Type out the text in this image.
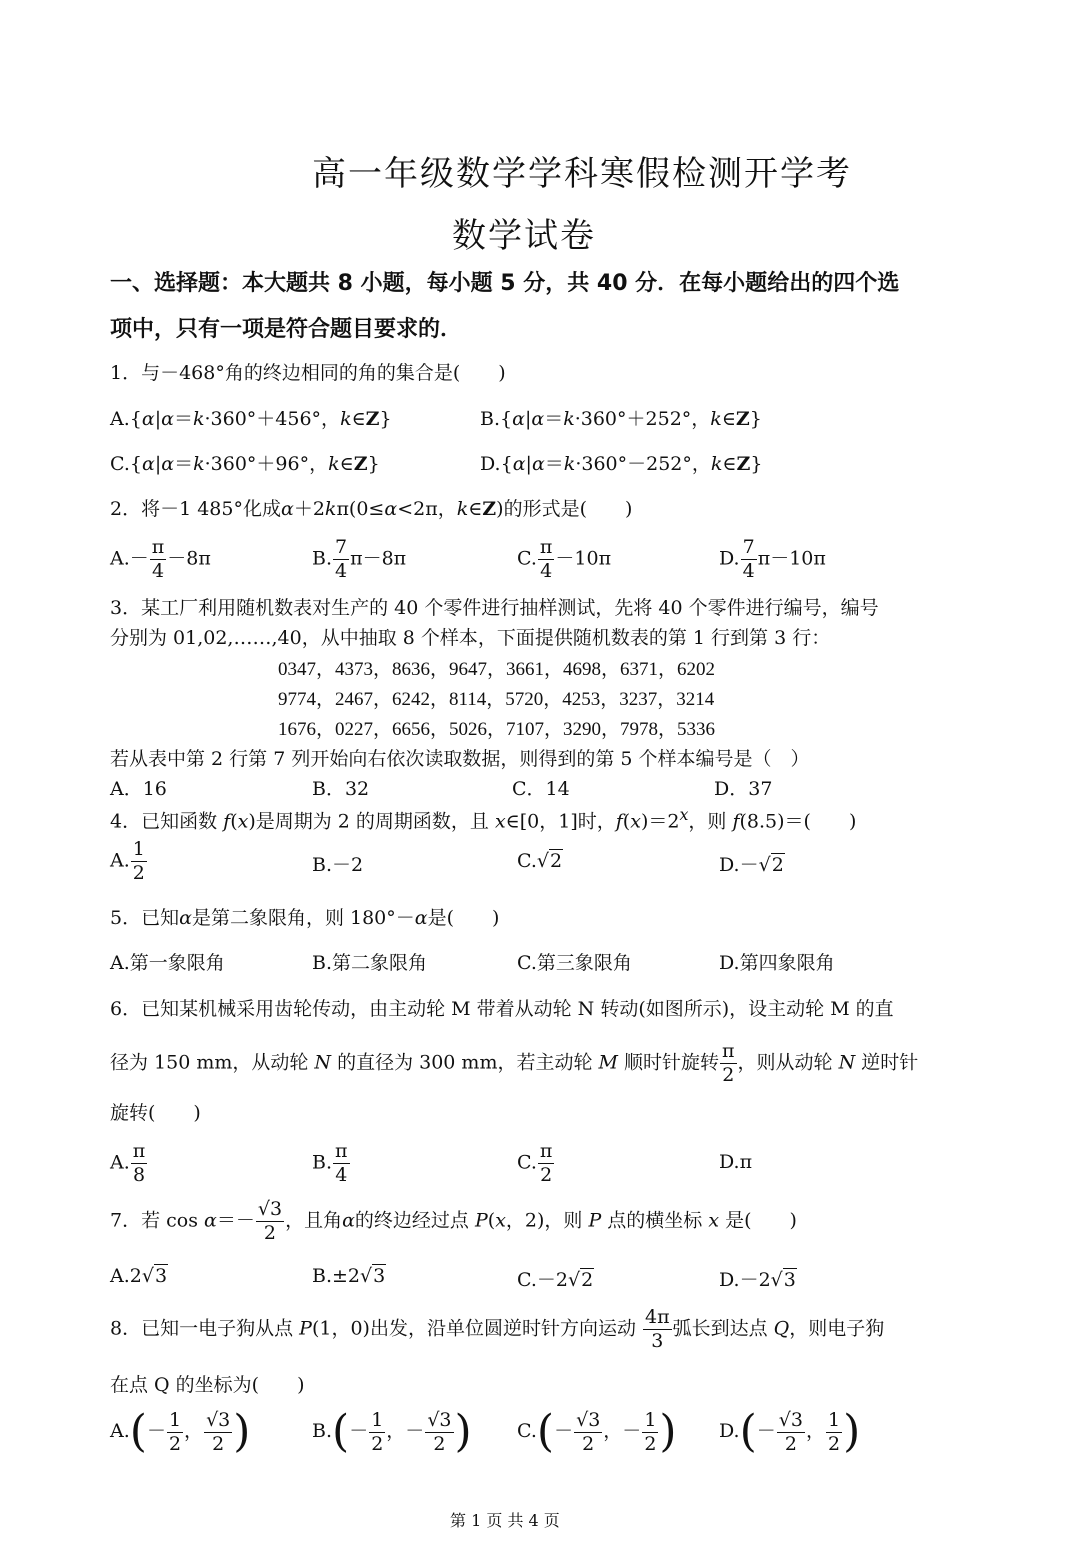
高一年级数学学科寒假检测开学考
数学试卷
一、选择题：本大题共 8 小题，每小题 5 分，共 40 分．在每小题给出的四个选
项中，只有一项是符合题目要求的．
1．与－468°角的终边相同的角的集合是(　　)
A.{α|α＝k·360°＋456°，k∈Z}	B.{α|α＝k·360°＋252°，k∈Z}
C.{α|α＝k·360°＋96°，k∈Z}	D.{α|α＝k·360°－252°，k∈Z}
2．将－1 485°化成α＋2kπ(0≤α<2π，k∈Z)的形式是(　　)
$A.- \frac{\pi}{4} -8\pi$	B. $\frac{7}{4} \pi-8\pi$	C. $\frac{\pi}{4} -10\pi$	D. $\frac{7}{4} \pi-10\pi$
3．某工厂利用随机数表对生产的 40 个零件进行抽样测试，先将 40 个零件进行编号，编号
分别为 01,02,……,40，从中抽取 8 个样本，下面提供随机数表的第 1 行到第 3 行：
0347，4373，8636，9647，3661，4698，6371，6202
9774，2467，6242，8114，5720，4253，3237，3214
1676，0227，6656，5026，7107，3290，7978，5336
若从表中第 2 行第 7 列开始向右依次读取数据，则得到的第 5 个样本编号是（　）
A．16	B．32	C．14	D．37
4．已知函数 f(x)是周期为 2 的周期函数，且 x∈[0，1]时，$f(x)=2^x$，则 f(8.5)＝(　　)
A. $\frac{1}{2}$	B.－2	C.√2	D.－√2
5．已知α是第二象限角，则 180°－α是(　　)
A.第一象限角	B.第二象限角	C.第三象限角	D.第四象限角
6．已知某机械采用齿轮传动，由主动轮 M 带着从动轮 N 转动(如图所示)，设主动轮 M 的直
径为 150 mm，从动轮 N 的直径为 300 mm，若主动轮 M 顺时针旋转 $\frac{\pi}{2}$ ，则从动轮 N 逆时针
旋转(　　)
A. $\frac{\pi}{8}$	B. $\frac{\pi}{4}$	C. $\frac{\pi}{2}$	D.π
7．若 $\cos \alpha=- \frac{√3}{2}$ ，且角α的终边经过点 P(x，2)，则 P 点的横坐标 x 是(　　)
A.2√3	B.±2√3	C.－2√2	D.－2√3
8．已知一电子狗从点 P(1，0)出发，沿单位圆逆时针方向运动 $\frac{4\pi}{3}$ 弧长到达点 Q，则电子狗
在点 Q 的坐标为(　　)
$A.(- \frac{1}{2}$ ， $\frac{√3}{2}$ )	$B.(- \frac{1}{2}$ ，－ $\frac{√3}{2}$ ) $C.(- \frac{√3}{2}$ ，－ $\frac{1}{2}$ ) $D.(- \frac{√3}{2}$ ， $\frac{1}{2}$ )
第 1 页 共 4 页
